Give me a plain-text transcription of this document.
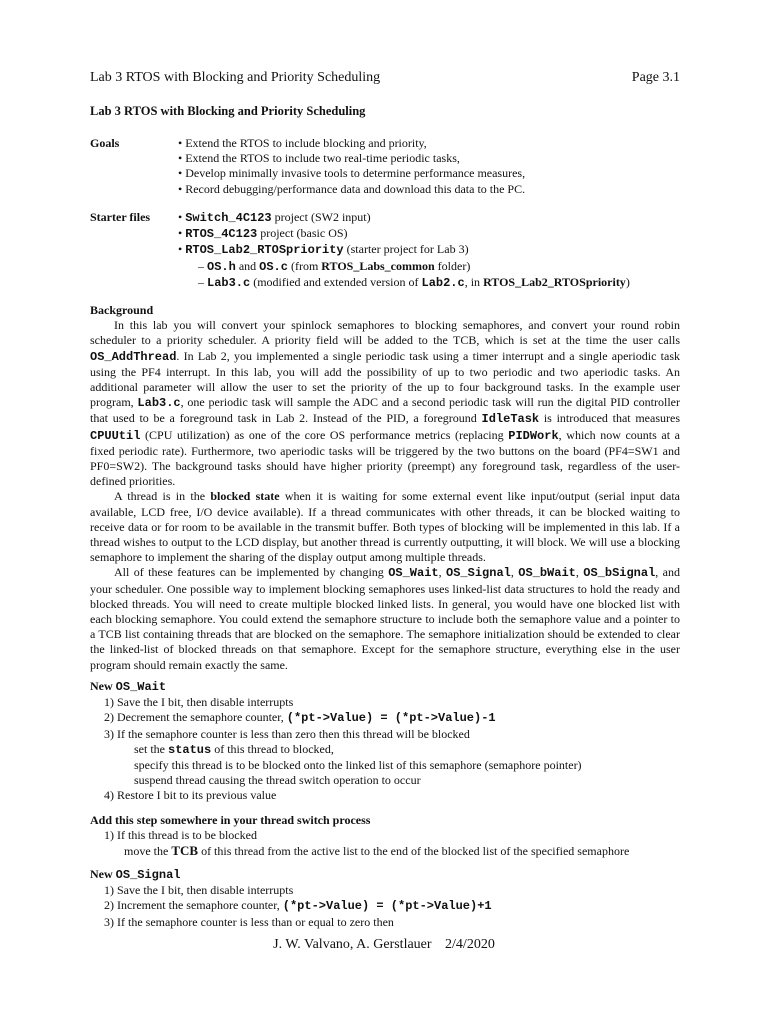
Lab 3 RTOS with Blocking and Priority Scheduling	Page 3.1
Lab 3 RTOS with Blocking and Priority Scheduling
Goals	• Extend the RTOS to include blocking and priority,
• Extend the RTOS to include two real-time periodic tasks,
• Develop minimally invasive tools to determine performance measures,
• Record debugging/performance data and download this data to the PC.
Starter files • Switch_4C123 project (SW2 input)
• RTOS_4C123 project (basic OS)
• RTOS_Lab2_RTOSpriority (starter project for Lab 3)
– OS.h and OS.c (from RTOS_Labs_common folder)
– Lab3.c (modified and extended version of Lab2.c, in RTOS_Lab2_RTOSpriority)
Background
In this lab you will convert your spinlock semaphores to blocking semaphores, and convert your round robin scheduler to a priority scheduler. A priority field will be added to the TCB, which is set at the time the user calls OS_AddThread. In Lab 2, you implemented a single periodic task using a timer interrupt and a single aperiodic task using the PF4 interrupt. In this lab, you will add the possibility of up to two periodic and two aperiodic tasks. An additional parameter will allow the user to set the priority of the up to four background tasks. In the example user program, Lab3.c, one periodic task will sample the ADC and a second periodic task will run the digital PID controller that used to be a foreground task in Lab 2. Instead of the PID, a foreground IdleTask is introduced that measures CPUUtil (CPU utilization) as one of the core OS performance metrics (replacing PIDWork, which now counts at a fixed periodic rate). Furthermore, two aperiodic tasks will be triggered by the two buttons on the board (PF4=SW1 and PF0=SW2). The background tasks should have higher priority (preempt) any foreground task, regardless of the user-defined priorities.
A thread is in the blocked state when it is waiting for some external event like input/output (serial input data available, LCD free, I/O device available). If a thread communicates with other threads, it can be blocked waiting to receive data or for room to be available in the transmit buffer. Both types of blocking will be implemented in this lab. If a thread wishes to output to the LCD display, but another thread is currently outputting, it will block. We will use a blocking semaphore to implement the sharing of the display output among multiple threads.
All of these features can be implemented by changing OS_Wait, OS_Signal, OS_bWait, OS_bSignal, and your scheduler. One possible way to implement blocking semaphores uses linked-list data structures to hold the ready and blocked threads. You will need to create multiple blocked linked lists. In general, you would have one blocked list with each blocking semaphore. You could extend the semaphore structure to include both the semaphore value and a pointer to a TCB list containing threads that are blocked on the semaphore. The semaphore initialization should be extended to clear the linked-list of blocked threads on that semaphore. Except for the semaphore structure, everything else in the user program should remain exactly the same.
New OS_Wait
1) Save the I bit, then disable interrupts
2) Decrement the semaphore counter, (*pt->Value) = (*pt->Value)-1
3) If the semaphore counter is less than zero then this thread will be blocked
set the status of this thread to blocked,
specify this thread is to be blocked onto the linked list of this semaphore (semaphore pointer)
suspend thread causing the thread switch operation to occur
4) Restore I bit to its previous value
Add this step somewhere in your thread switch process
1) If this thread is to be blocked
move the TCB of this thread from the active list to the end of the blocked list of the specified semaphore
New OS_Signal
1) Save the I bit, then disable interrupts
2) Increment the semaphore counter, (*pt->Value) = (*pt->Value)+1
3) If the semaphore counter is less than or equal to zero then
J. W. Valvano, A. Gerstlauer 2/4/2020
